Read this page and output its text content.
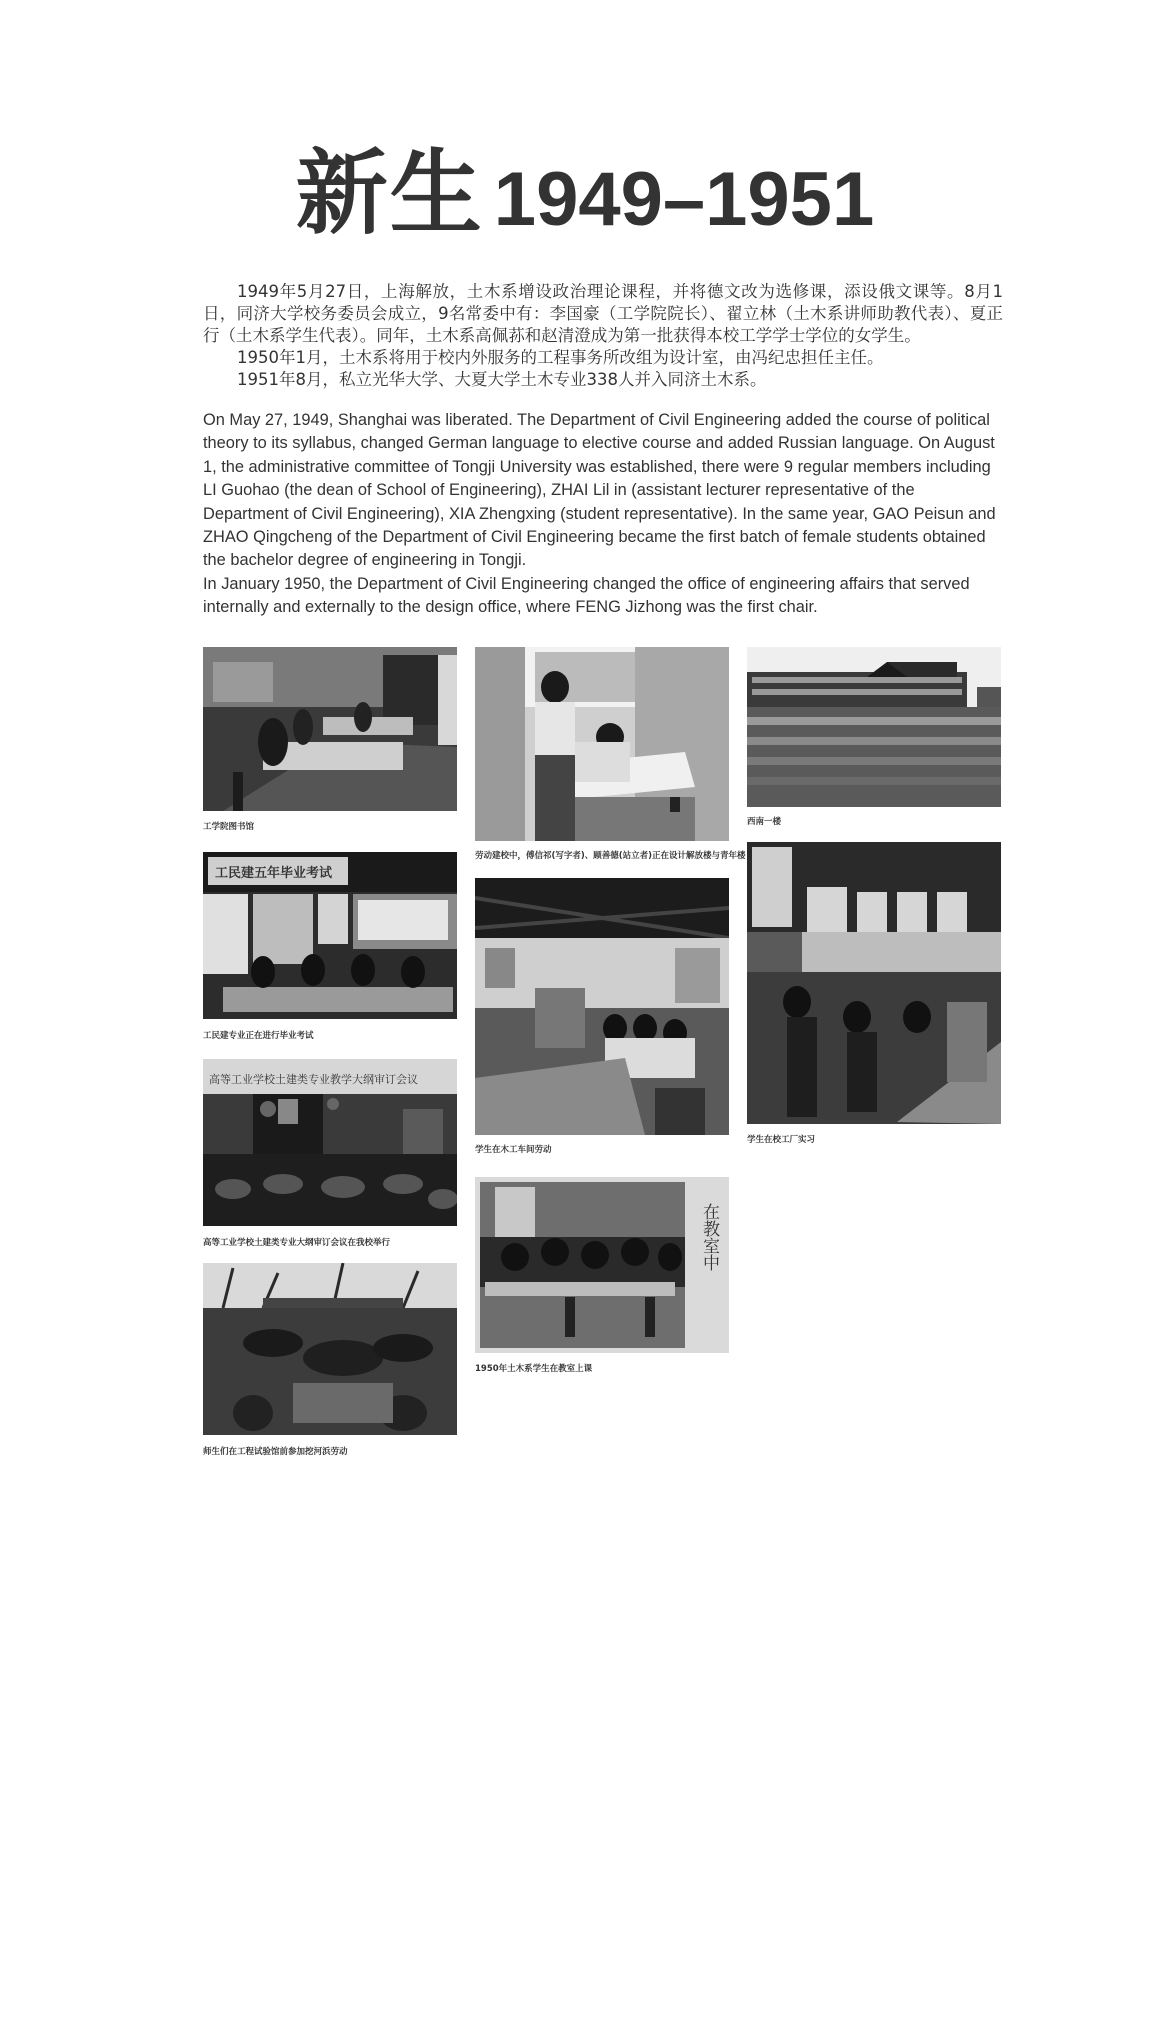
新生 1949–1951

1949年5月27日，上海解放，土木系增设政治理论课程，并将德文改为选修课，添设俄文课等。8月1日，同济大学校务委员会成立，9名常委中有：李国豪（工学院院长）、翟立林（土木系讲师助教代表）、夏正行（土木系学生代表）。同年，土木系高佩荪和赵清澄成为第一批获得本校工学学士学位的女学生。

1950年1月，土木系将用于校内外服务的工程事务所改组为设计室，由冯纪忠担任主任。

1951年8月，私立光华大学、大夏大学土木专业338人并入同济土木系。

On May 27, 1949, Shanghai was liberated. The Department of Civil Engineering added the course of political theory to its syllabus, changed German language to elective course and added Russian language. On August 1, the administrative committee of Tongji University was established, there were 9 regular members including LI Guohao (the dean of School of Engineering), ZHAI Lil in (assistant lecturer representative of the Department of Civil Engineering), XIA Zhengxing (student representative). In the same year, GAO Peisun and ZHAO Qingcheng of the Department of Civil Engineering became the first batch of female students obtained the bachelor degree of engineering in Tongji.

In January 1950, the Department of Civil Engineering changed the office of engineering affairs that served internally and externally to the design office, where FENG Jizhong was the first chair.

工学院图书馆
工民建五年毕业考试
工民建专业正在进行毕业考试
高等工业学校土建类专业教学大纲审订会议
高等工业学校土建类专业大纲审订会议在我校举行
师生们在工程试验馆前参加挖河浜劳动
劳动建校中，傅信祁(写字者)、顾善德(站立者)正在设计解放楼与青年楼
学生在木工车间劳动
在教室中
1950年土木系学生在教室上课
西南一楼
学生在校工厂实习
